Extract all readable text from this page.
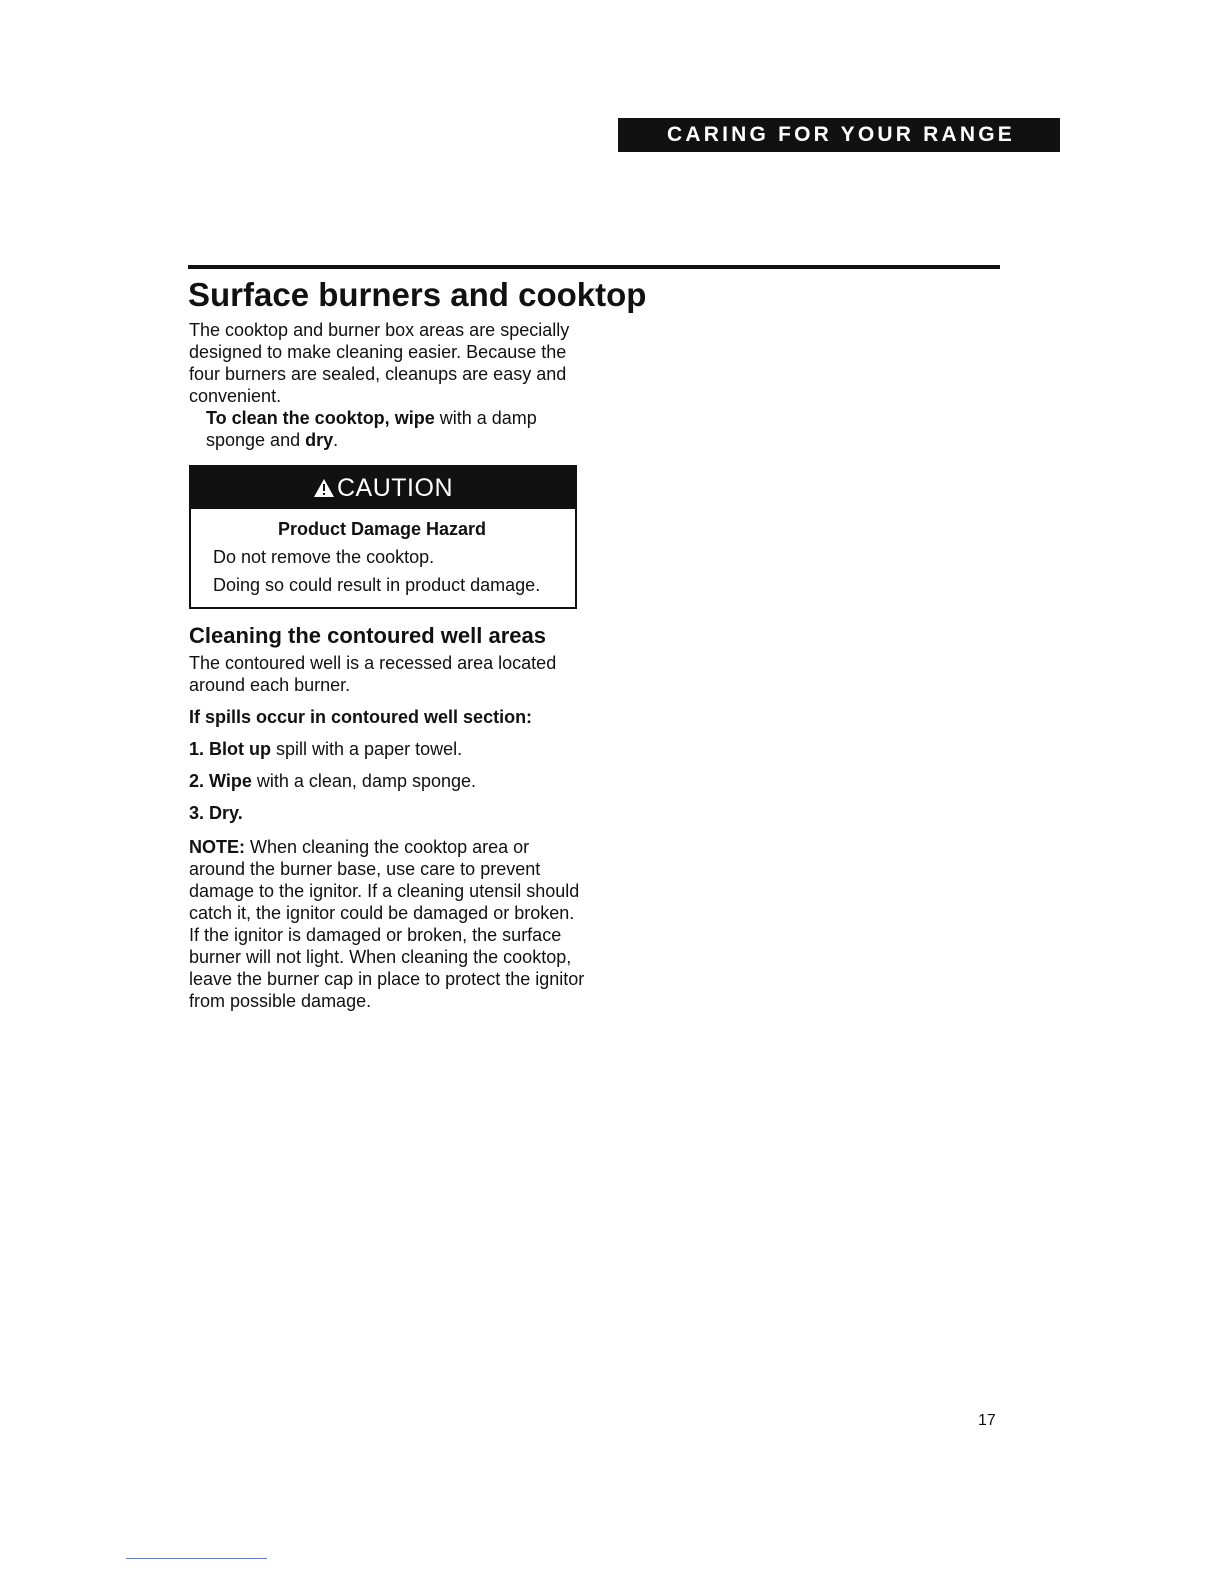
CARING FOR YOUR RANGE
Surface burners and cooktop

The cooktop and burner box areas are specially designed to make cleaning easier. Because the four burners are sealed, cleanups are easy and convenient.

To clean the cooktop, wipe with a damp sponge and dry.

CAUTION
Product Damage Hazard
Do not remove the cooktop.
Doing so could result in product damage.
Cleaning the contoured well areas

The contoured well is a recessed area located around each burner.

If spills occur in contoured well section:

1. Blot up spill with a paper towel.

2. Wipe with a clean, damp sponge.

3. Dry.

NOTE: When cleaning the cooktop area or around the burner base, use care to prevent damage to the ignitor. If a cleaning utensil should catch it, the ignitor could be damaged or broken. If the ignitor is damaged or broken, the surface burner will not light. When cleaning the cooktop, leave the burner cap in place to protect the ignitor from possible damage.

17
